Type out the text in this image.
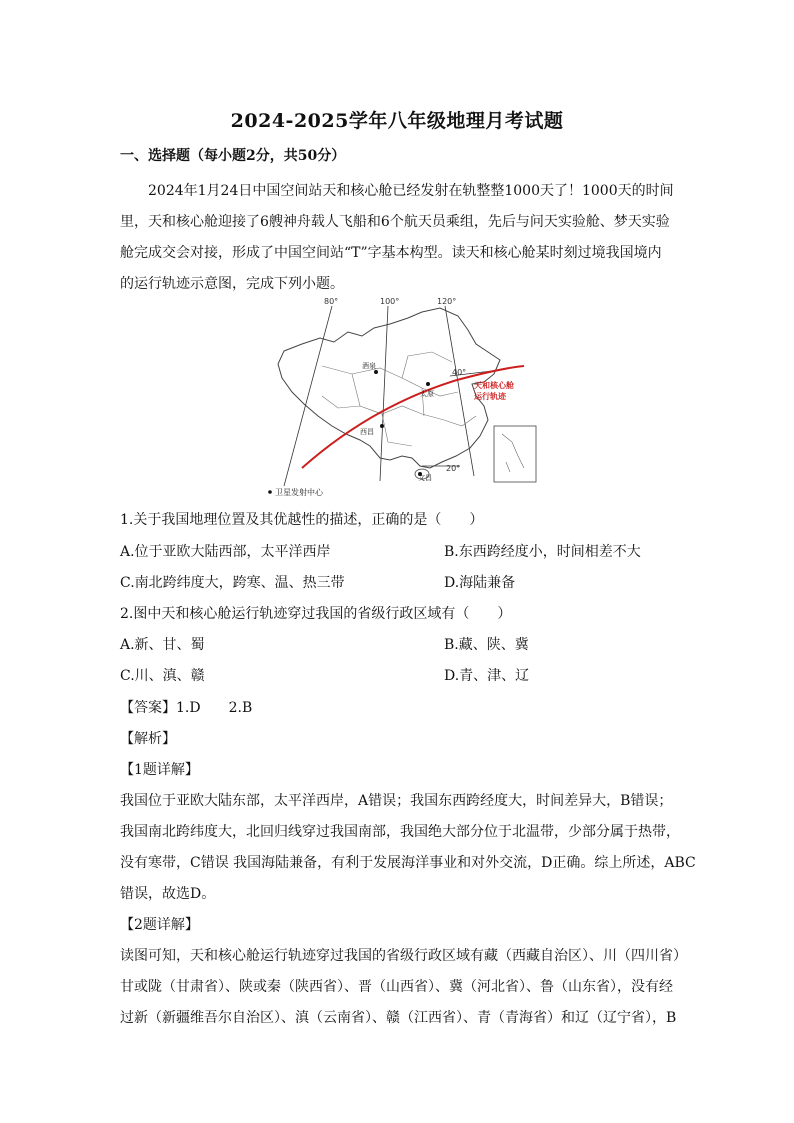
2024-2025学年八年级地理月考试题
一、选择题（每小题2分，共50分）
2024年1月24日中国空间站天和核心舱已经发射在轨整整1000天了！1000天的时间
里，天和核心舱迎接了6艘神舟载人飞船和6个航天员乘组，先后与问天实验舱、梦天实验
舱完成交会对接，形成了中国空间站“T”字基本构型。读天和核心舱某时刻过境我国境内
的运行轨迹示意图，完成下列小题。
80°	100°	120°
40°
20°
酒泉
太原
西昌
文昌
天和核心舱
运行轨迹
卫星发射中心
1.关于我国地理位置及其优越性的描述，正确的是（　　）
A.位于亚欧大陆西部，太平洋西岸	B.东西跨经度小，时间相差不大
C.南北跨纬度大，跨寒、温、热三带	D.海陆兼备
2.图中天和核心舱运行轨迹穿过我国的省级行政区域有（　　）
A.新、甘、蜀	B.藏、陕、冀
C.川、滇、赣	D.青、津、辽
【答案】1.D　　2.B
【解析】
【1题详解】
我国位于亚欧大陆东部，太平洋西岸，A错误；我国东西跨经度大，时间差异大，B错误；
我国南北跨纬度大，北回归线穿过我国南部，我国绝大部分位于北温带，少部分属于热带，
没有寒带，C错误 我国海陆兼备，有利于发展海洋事业和对外交流，D正确。综上所述，ABC
错误，故选D。
【2题详解】
读图可知，天和核心舱运行轨迹穿过我国的省级行政区域有藏（西藏自治区）、川（四川省）
甘或陇（甘肃省）、陕或秦（陕西省）、晋（山西省）、冀（河北省）、鲁（山东省），没有经
过新（新疆维吾尔自治区）、滇（云南省）、赣（江西省）、青（青海省）和辽（辽宁省），B
